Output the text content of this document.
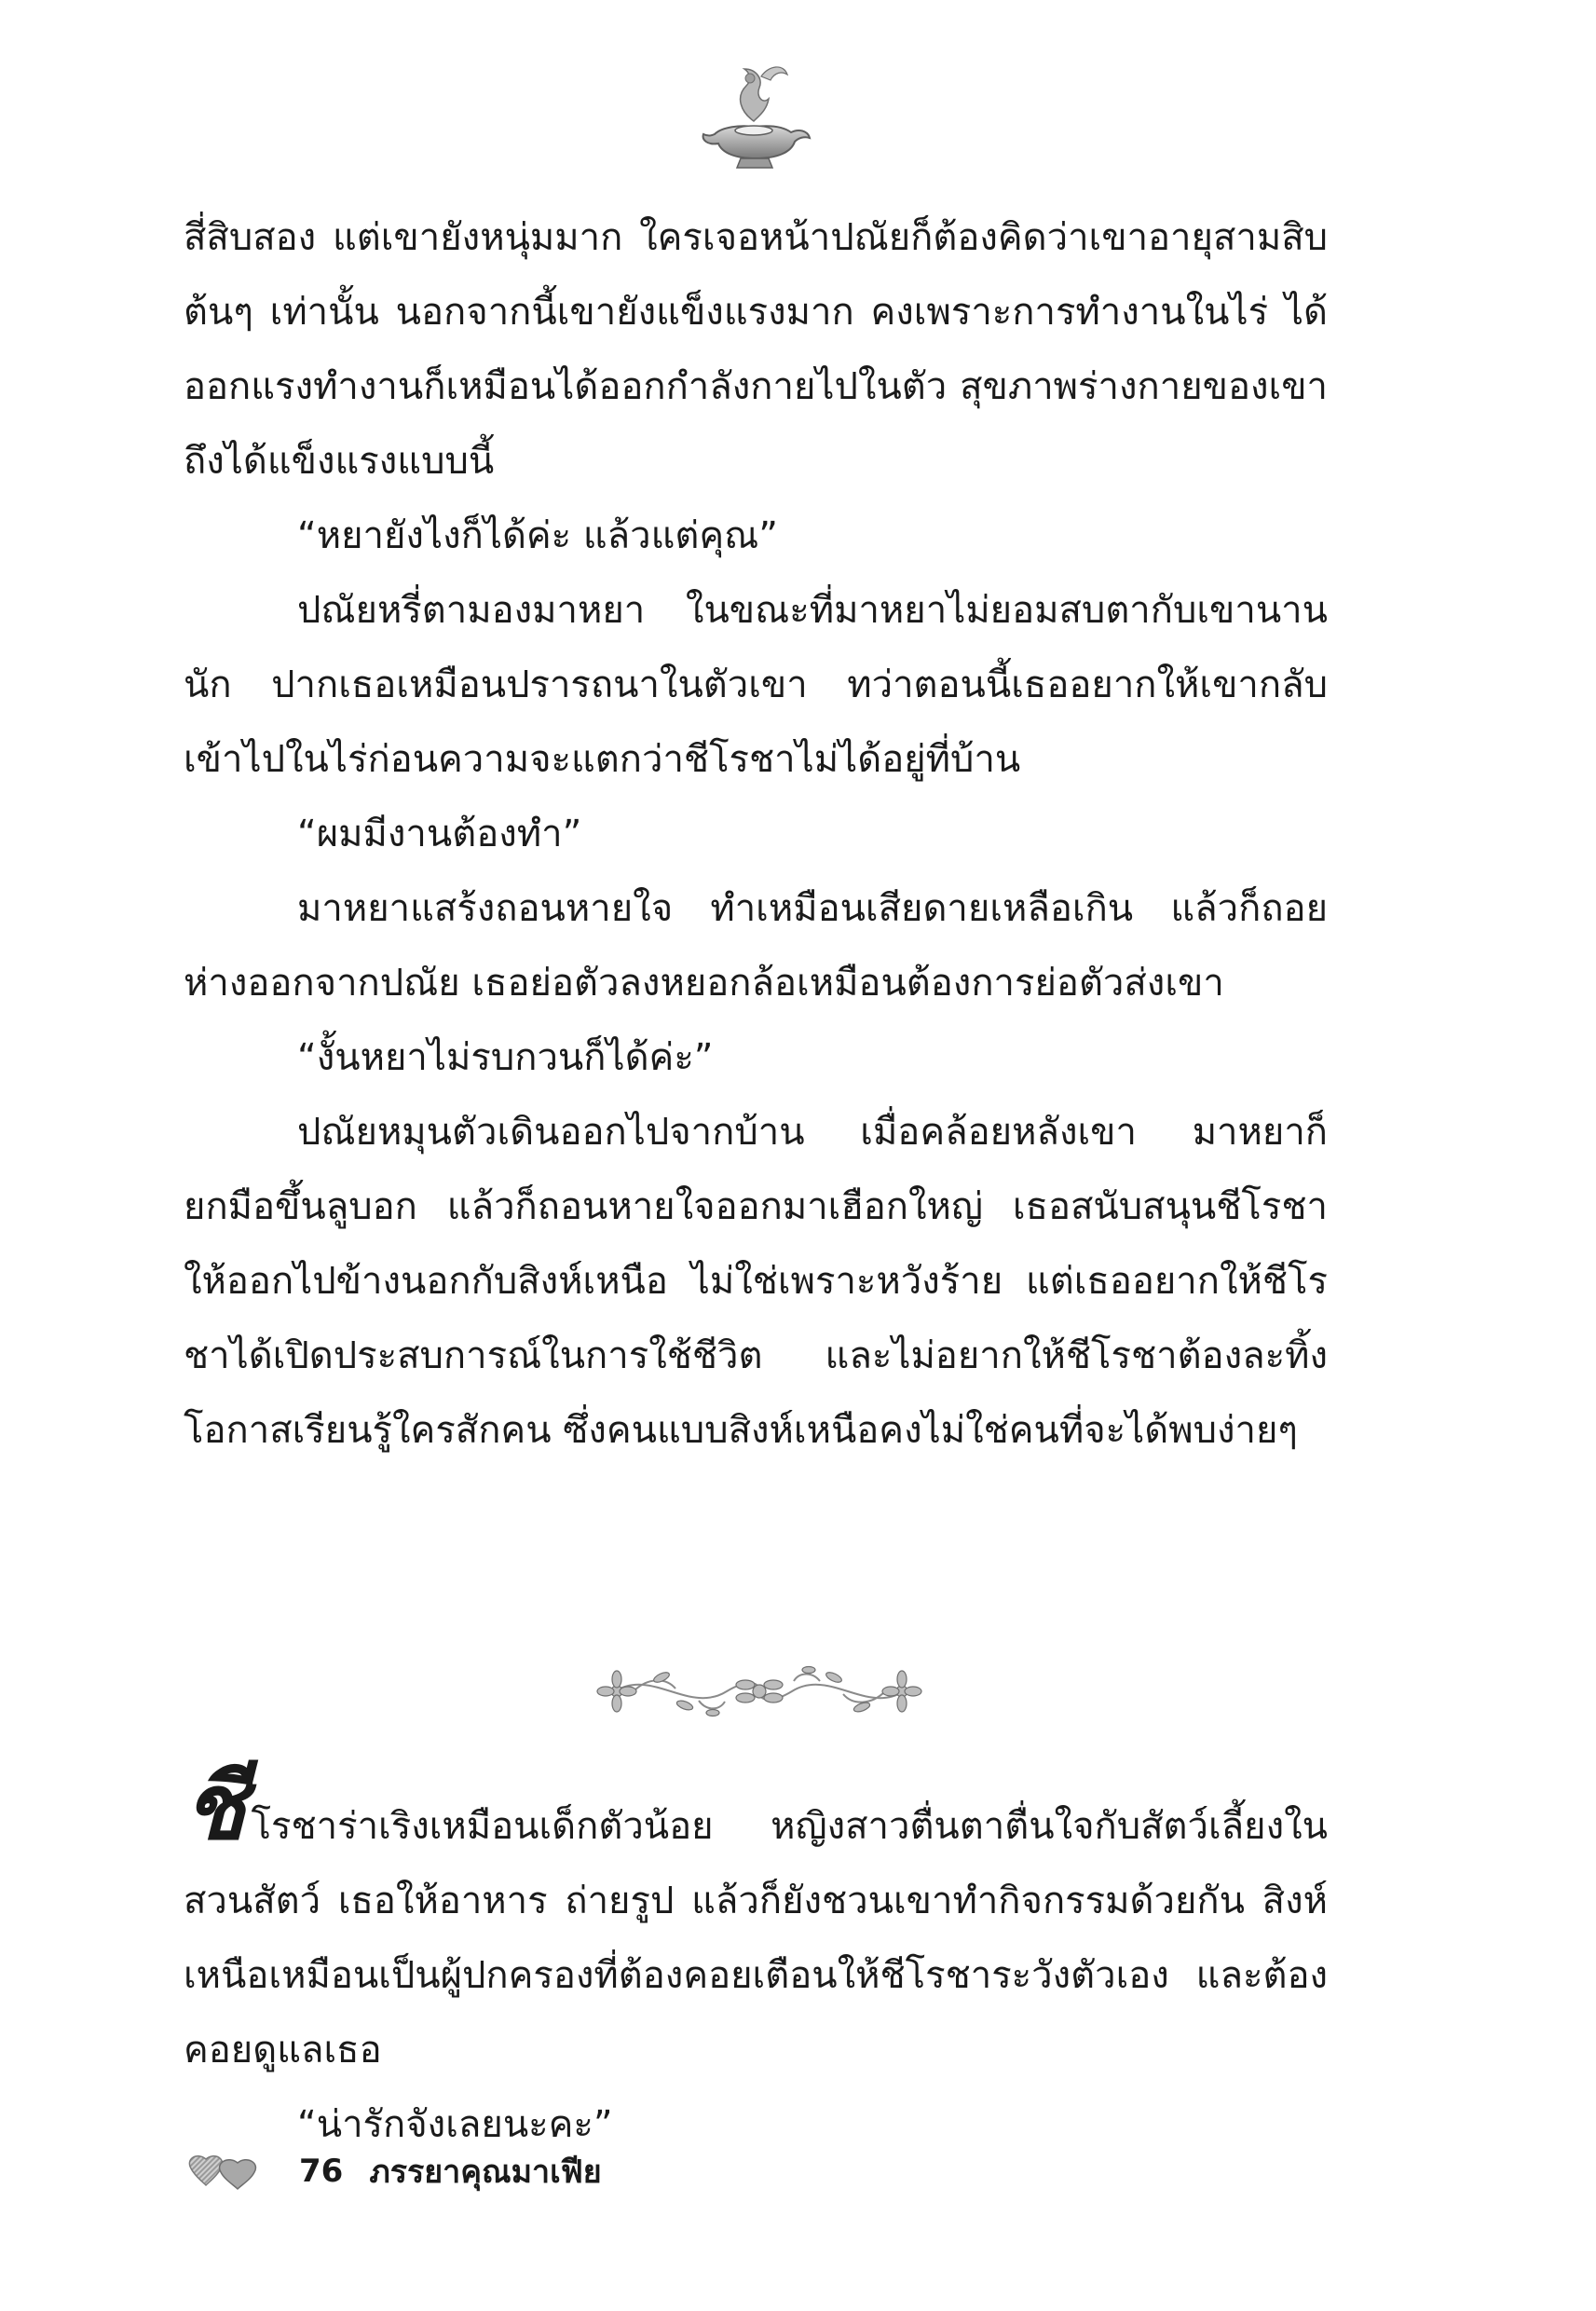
สี่สิบสอง แต่เขายังหนุ่มมาก ใครเจอหน้าปณัยก็ต้องคิดว่าเขาอายุสามสิบต้นๆ เท่านั้น นอกจากนี้เขายังแข็งแรงมาก คงเพราะการทำงานในไร่ ได้ออกแรงทำงานก็เหมือนได้ออกกำลังกายไปในตัว สุขภาพร่างกายของเขาถึงได้แข็งแรงแบบนี้

“หยายังไงก็ได้ค่ะ แล้วแต่คุณ”

ปณัยหรี่ตามองมาหยา ในขณะที่มาหยาไม่ยอมสบตากับเขานานนัก ปากเธอเหมือนปรารถนาในตัวเขา ทว่าตอนนี้เธออยากให้เขากลับเข้าไปในไร่ก่อนความจะแตกว่าชีโรชาไม่ได้อยู่ที่บ้าน

“ผมมีงานต้องทำ”

มาหยาแสร้งถอนหายใจ ทำเหมือนเสียดายเหลือเกิน แล้วก็ถอยห่างออกจากปณัย เธอย่อตัวลงหยอกล้อเหมือนต้องการย่อตัวส่งเขา

“งั้นหยาไม่รบกวนก็ได้ค่ะ”

ปณัยหมุนตัวเดินออกไปจากบ้าน เมื่อคล้อยหลังเขา มาหยาก็ยกมือขึ้นลูบอก แล้วก็ถอนหายใจออกมาเฮือกใหญ่ เธอสนับสนุนชีโรชาให้ออกไปข้างนอกกับสิงห์เหนือ ไม่ใช่เพราะหวังร้าย แต่เธออยากให้ชีโรชาได้เปิดประสบการณ์ในการใช้ชีวิต และไม่อยากให้ชีโรชาต้องละทิ้งโอกาสเรียนรู้ใครสักคน ซึ่งคนแบบสิงห์เหนือคงไม่ใช่คนที่จะได้พบง่ายๆ

ชีโรชาร่าเริงเหมือนเด็กตัวน้อย หญิงสาวตื่นตาตื่นใจกับสัตว์เลี้ยงในสวนสัตว์ เธอให้อาหาร ถ่ายรูป แล้วก็ยังชวนเขาทำกิจกรรมด้วยกัน สิงห์เหนือเหมือนเป็นผู้ปกครองที่ต้องคอยเตือนให้ชีโรชาระวังตัวเอง และต้องคอยดูแลเธอ

“น่ารักจังเลยนะคะ”

76 ภรรยาคุณมาเฟีย
